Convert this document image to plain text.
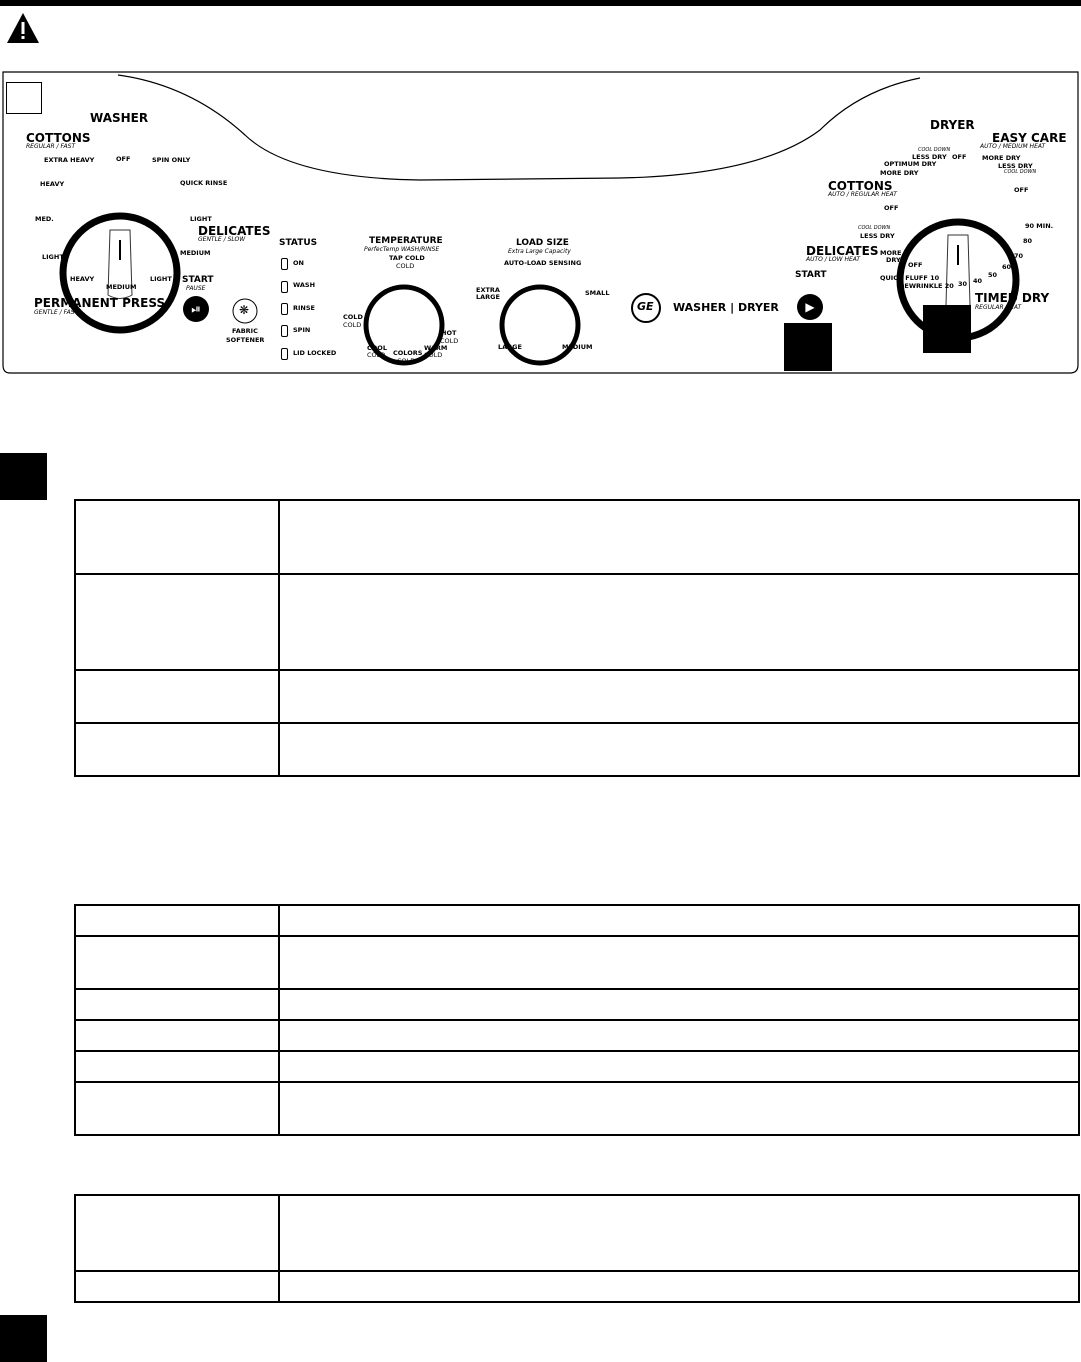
WASHER
COTTONS
REGULAR / FAST
OFF
EXTRA HEAVY	SPIN ONLY
QUICK RINSE
HEAVY
MED.
LIGHT
LIGHT
DELICATES
GENTLE / SLOW
MEDIUM
HEAVY
MEDIUM
LIGHT
PERMANENT PRESS
GENTLE / FAST
START
PAUSE
⏯	❋
FABRIC
SOFTENER
STATUS
ON
WASH
RINSE
SPIN
LID LOCKED
TEMPERATURE
PerfecTemp WASH/RINSE
TAP COLD
COLD
COLD
COLD
HOT
COLD
COOL
COLD COLORS
COLD
WARM
COLD
LOAD SIZE
Extra Large Capacity
AUTO-LOAD SENSING
EXTRA
LARGE	SMALL
LARGE	MEDIUM
GE WASHER | DRYER
START
▶
DRYER
EASY CARE
AUTO / MEDIUM HEAT
COTTONS
AUTO / REGULAR HEAT
DELICATES
AUTO / LOW HEAT
TIMED DRY
REGULAR HEAT
COOL DOWN
LESS DRY
OPTIMUM DRY
MORE DRY
OFF MORE DRY
LESS DRY
COOL DOWN
OFF
OFF
COOL DOWN
LESS DRY
MORE
DRY
OFF
QUICK FLUFF 10
DEWRINKLE 20 30 40
50
60
70
80
90 MIN.
